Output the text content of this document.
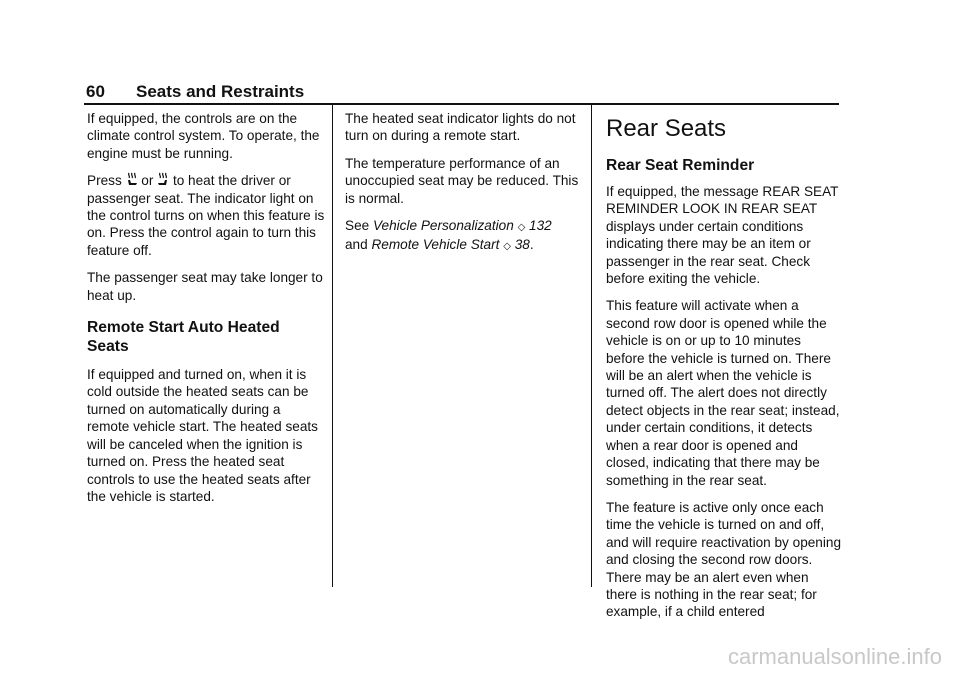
60 Seats and Restraints

If equipped, the controls are on the climate control system. To operate, the engine must be running.

Press  or  to heat the driver or passenger seat. The indicator light on the control turns on when this feature is on. Press the control again to turn this feature off.

The passenger seat may take longer to heat up.

Remote Start Auto Heated Seats

If equipped and turned on, when it is cold outside the heated seats can be turned on automatically during a remote vehicle start. The heated seats will be canceled when the ignition is turned on. Press the heated seat controls to use the heated seats after the vehicle is started.

The heated seat indicator lights do not turn on during a remote start.

The temperature performance of an unoccupied seat may be reduced. This is normal.

See Vehicle Personalization ◇ 132
and Remote Vehicle Start ◇ 38.

Rear Seats
Rear Seat Reminder

If equipped, the message REAR SEAT REMINDER LOOK IN REAR SEAT displays under certain conditions indicating there may be an item or passenger in the rear seat. Check before exiting the vehicle.

This feature will activate when a second row door is opened while the vehicle is on or up to 10 minutes before the vehicle is turned on. There will be an alert when the vehicle is turned off. The alert does not directly detect objects in the rear seat; instead, under certain conditions, it detects when a rear door is opened and closed, indicating that there may be something in the rear seat.

The feature is active only once each time the vehicle is turned on and off, and will require reactivation by opening and closing the second row doors. There may be an alert even when there is nothing in the rear seat; for example, if a child entered

carmanualsonline.info
